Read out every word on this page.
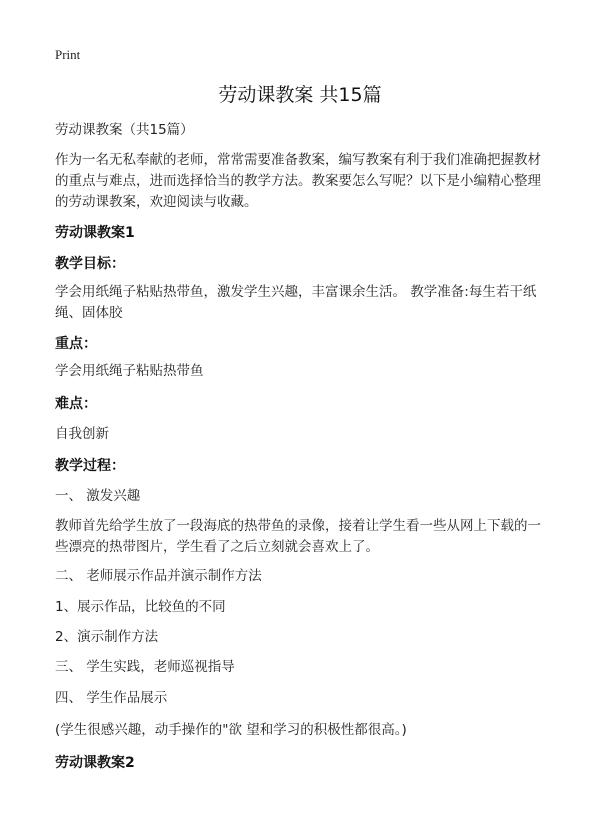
Print
劳动课教案 共15篇
劳动课教案（共15篇）
作为一名无私奉献的老师，常常需要准备教案，编写教案有利于我们准确把握教材
的重点与难点，进而选择恰当的教学方法。教案要怎么写呢？以下是小编精心整理
的劳动课教案，欢迎阅读与收藏。
劳动课教案1
教学目标：
学会用纸绳子粘贴热带鱼，激发学生兴趣，丰富课余生活。 教学准备:每生若干纸
绳、固体胶
重点：
学会用纸绳子粘贴热带鱼
难点：
自我创新
教学过程：
一、 激发兴趣
教师首先给学生放了一段海底的热带鱼的录像，接着让学生看一些从网上下载的一
些漂亮的热带图片，学生看了之后立刻就会喜欢上了。
二、 老师展示作品并演示制作方法
1、展示作品，比较鱼的不同
2、演示制作方法
三、 学生实践，老师巡视指导
四、 学生作品展示
(学生很感兴趣，动手操作的"欲 望和学习的积极性都很高。)
劳动课教案2
